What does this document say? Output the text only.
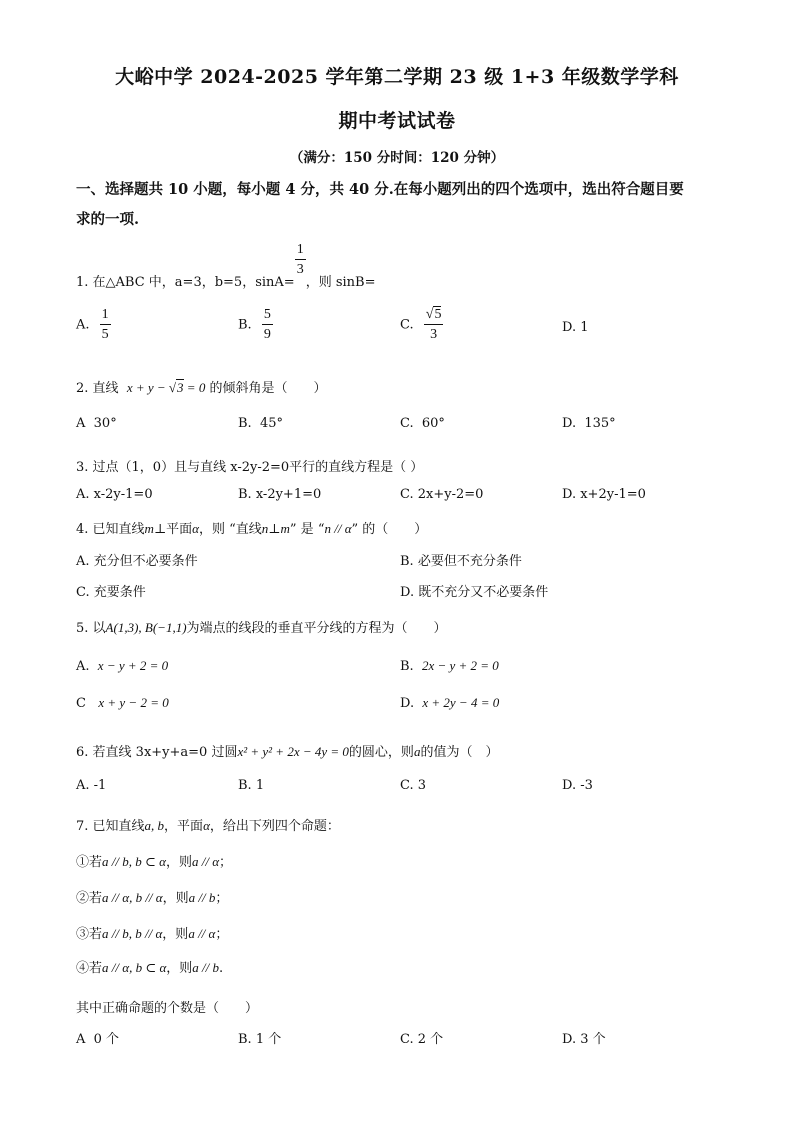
大峪中学 2024-2025 学年第二学期 23 级 1+3 年级数学学科
期中考试试卷
（满分：150 分时间：120 分钟）
一、选择题共 10 小题，每小题 4 分，共 40 分.在每小题列出的四个选项中，选出符合题目要
求的一项.
1. 在△ABC 中，a=3，b=5，sinA=
$\frac{1}{3}$
，则 sinB=
A. $\frac{1}{5}$	B. $\frac{5}{9}$	C. $\frac{√5}{3}$	D. 1
2. 直线 x + y − √3 = 0 的倾斜角是（　　）
A 30°	B. 45°	C. 60°	D. 135°
3. 过点（1，0）且与直线 x-2y-2=0平行的直线方程是（ ）
A. x-2y-1=0	B. x-2y+1=0	C. 2x+y-2=0	D. x+2y-1=0
4. 已知直线m⊥平面α，则 “直线n⊥m” 是 “n // α” 的（　　）
A. 充分但不必要条件	B. 必要但不充分条件
C. 充要条件	D. 既不充分又不必要条件
5. 以A(1,3), B(−1,1)为端点的线段的垂直平分线的方程为（　　）
A. x − y + 2 = 0	B. 2x − y + 2 = 0
C x + y − 2 = 0	D. x + 2y − 4 = 0
6. 若直线 3x+y+a=0 过圆x² + y² + 2x − 4y = 0的圆心，则a的值为（　）
A. -1	B. 1	C. 3	D. -3
7. 已知直线a, b，平面α，给出下列四个命题：
①若a // b, b ⊂ α，则a // α；
②若a // α, b // α，则a // b；
③若a // b, b // α，则a // α；
④若a // α, b ⊂ α，则a // b.
其中正确命题的个数是（　　）
A 0 个	B. 1 个	C. 2 个	D. 3 个
